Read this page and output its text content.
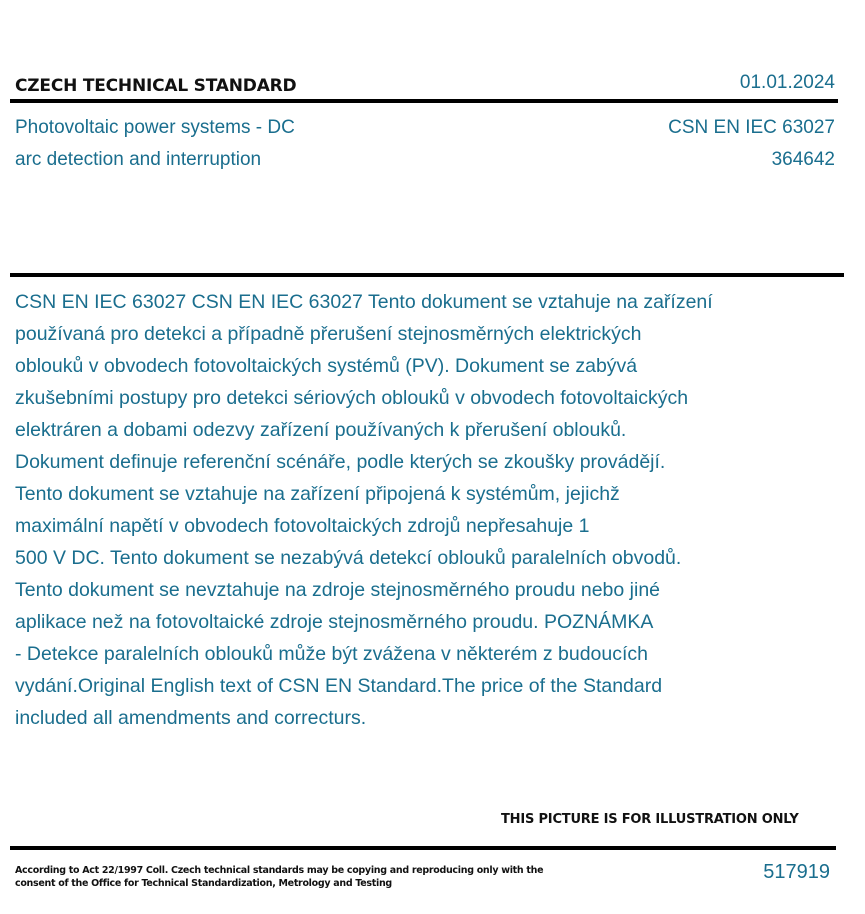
CZECH TECHNICAL STANDARD	01.01.2024
Photovoltaic power systems - DC
arc detection and interruption
CSN EN IEC 63027
364642
CSN EN IEC 63027 CSN EN IEC 63027 Tento dokument se vztahuje na zařízení
používaná pro detekci a případně přerušení stejnosměrných elektrických
oblouků v obvodech fotovoltaických systémů (PV). Dokument se zabývá
zkušebními postupy pro detekci sériových oblouků v obvodech fotovoltaických
elektráren a dobami odezvy zařízení používaných k přerušení oblouků.
Dokument definuje referenční scénáře, podle kterých se zkoušky provádějí.
Tento dokument se vztahuje na zařízení připojená k systémům, jejichž
maximální napětí v obvodech fotovoltaických zdrojů nepřesahuje 1
500 V DC. Tento dokument se nezabývá detekcí oblouků paralelních obvodů.
Tento dokument se nevztahuje na zdroje stejnosměrného proudu nebo jiné
aplikace než na fotovoltaické zdroje stejnosměrného proudu. POZNÁMKA
- Detekce paralelních oblouků může být zvážena v některém z budoucích
vydání.Original English text of CSN EN Standard.The price of the Standard
included all amendments and correcturs.
THIS PICTURE IS FOR ILLUSTRATION ONLY
According to Act 22/1997 Coll. Czech technical standards may be copying and reproducing only with the consent of the Office for Technical Standardization, Metrology and Testing
517919
